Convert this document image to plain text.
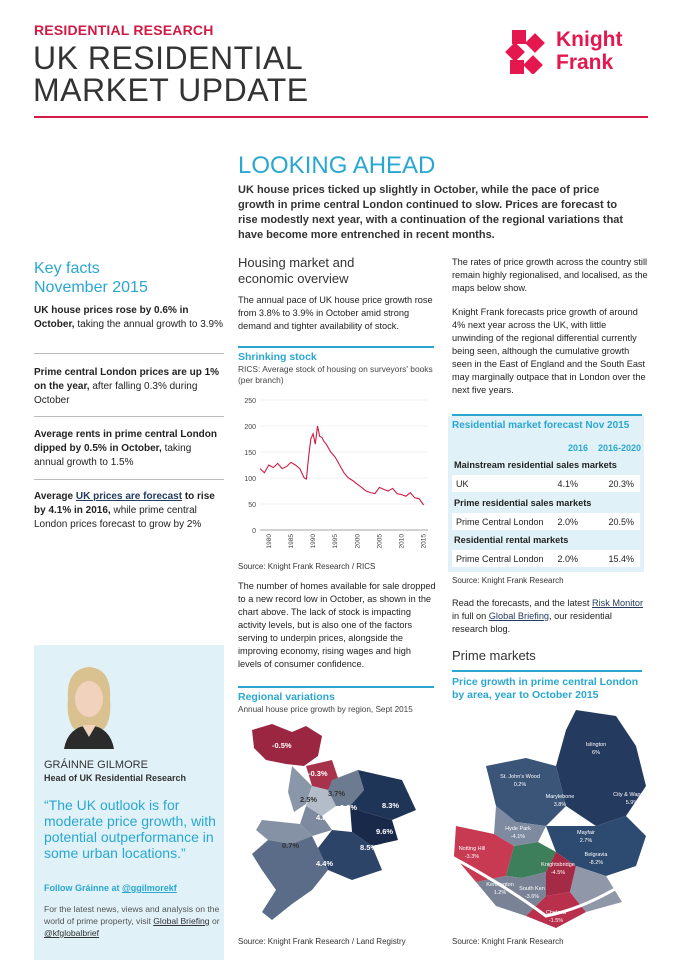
RESIDENTIAL RESEARCH
UK RESIDENTIAL
MARKET UPDATE
Knight
Frank
LOOKING AHEAD
UK house prices ticked up slightly in October, while the pace of price growth in prime central London continued to slow. Prices are forecast to rise modestly next year, with a continuation of the regional variations that have become more entrenched in recent months.
Key facts
November 2015
UK house prices rose by 0.6% in October, taking the annual growth to 3.9%
Prime central London prices are up 1% on the year, after falling 0.3% during October
Average rents in prime central London dipped by 0.5% in October, taking annual growth to 1.5%
Average UK prices are forecast to rise by 4.1% in 2016, while prime central London prices forecast to grow by 2%
GRÁINNE GILMORE
Head of UK Residential Research
“The UK outlook is for moderate price growth, with potential outperformance in some urban locations.”
Follow Gráinne at @ggilmorekf
For the latest news, views and analysis on the world of prime property, visit Global Briefing or @kfglobalbrief
Housing market and
economic overview
The annual pace of UK house price growth rose from 3.8% to 3.9% in October amid strong demand and tighter availability of stock.
Shrinking stock
RICS: Average stock of housing on surveyors' books (per branch)
0
50
100
150
200
250
1980 1985 1990 1995 2000 2005 2010 2015
Source: Knight Frank Research / RICS
The number of homes available for sale dropped to a new record low in October, as shown in the chart above. The lack of stock is impacting activity levels, but is also one of the factors serving to underpin prices, alongside the improving economy, rising wages and high levels of consumer confidence.
Regional variations
Annual house price growth by region, Sept 2015
-0.5%
-0.3%
3.7%
2.5%
3.8%	8.3%
4.8%
9.6%
0.7%	8.5%
4.4%
Source: Knight Frank Research / Land Registry
The rates of price growth across the country still remain highly regionalised, and localised, as the maps below show.
Knight Frank forecasts price growth of around 4% next year across the UK, with little unwinding of the regional differential currently being seen, although the cumulative growth seen in the East of England and the South East may marginally outpace that in London over the next five years.
Residential market forecast Nov 2015
2016 2016-2020
Mainstream residential sales markets
UK	4.1%	20.3%
Prime residential sales markets
Prime Central London 2.0%	20.5%
Residential rental markets
Prime Central London 2.0%	15.4%
Source: Knight Frank Research
Read the forecasts, and the latest Risk Monitor in full on Global Briefing, our residential research blog.
Prime markets
Price growth in prime central London
by area, year to October 2015
Islington
6%
St. John's Wood
0.2%
Marylebone
3.8%
City & Wapping
5.9%
Hyde Park
-4.1%
Mayfair
2.7%
Notting Hill
-3.3%
Knightsbridge
-4.5%
Belgravia
-8.2%
Kensington
1.2%
Chelsea
-1.5%
South Ken
-3.6%
Source: Knight Frank Research
